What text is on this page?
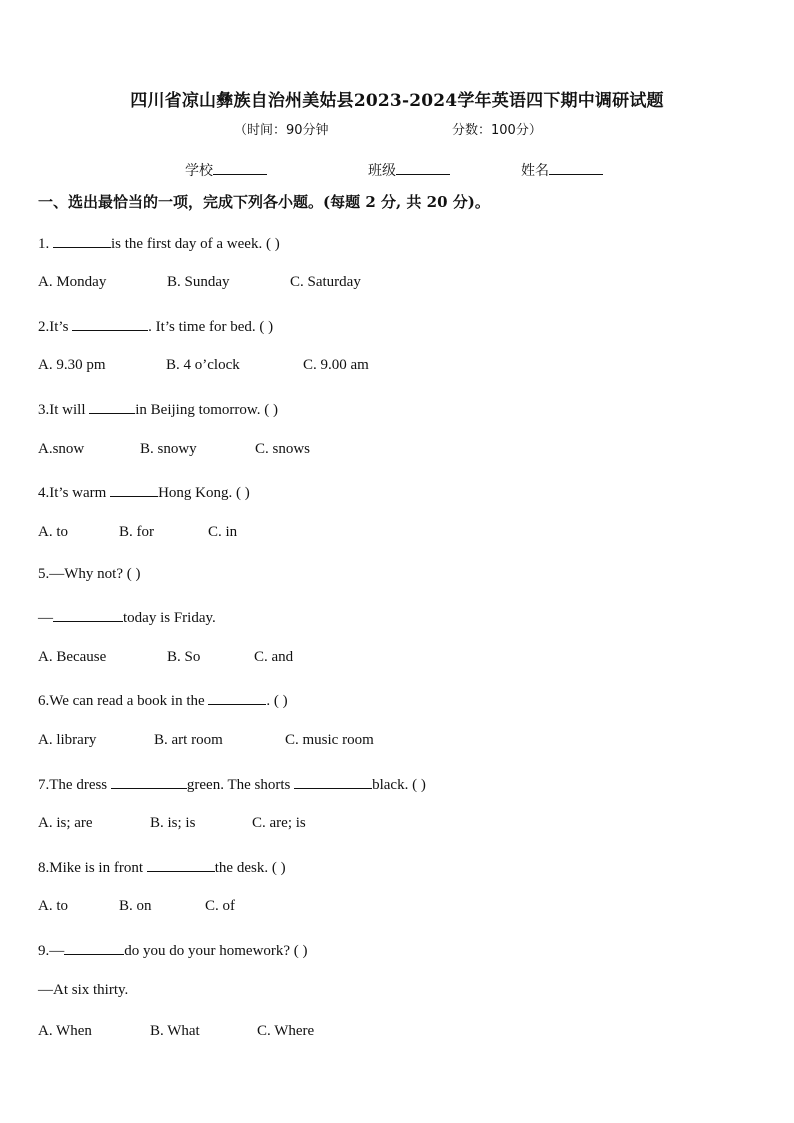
四川省凉山彝族自治州美姑县2023-2024学年英语四下期中调研试题
（时间：90分钟	分数：100分）
学校	班级	姓名
一、选出最恰当的一项，完成下列各小题。(每题 2 分, 共 20 分)。
1.	is the first day of a week. ( )
A. Monday	B. Sunday	C. Saturday
2.It’s	. It’s time for bed. ( )
A. 9.30 pm	B. 4 o’clock	C. 9.00 am
3.It will	in Beijing tomorrow. ( )
A.snow	B. snowy	C. snows
4.It’s warm	Hong Kong. ( )
A. to	B. for	C. in
5.—Why not? ( )
—	today is Friday.
A. Because	B. So	C. and
6.We can read a book in the	. ( )
A. library	B. art room	C. music room
7.The dress	green. The shorts	black. ( )
A. is; are	B. is; is	C. are; is
8.Mike is in front	the desk. ( )
A. to	B. on	C. of
9.—	do you do your homework? ( )
—At six thirty.
A. When	B. What	C. Where
